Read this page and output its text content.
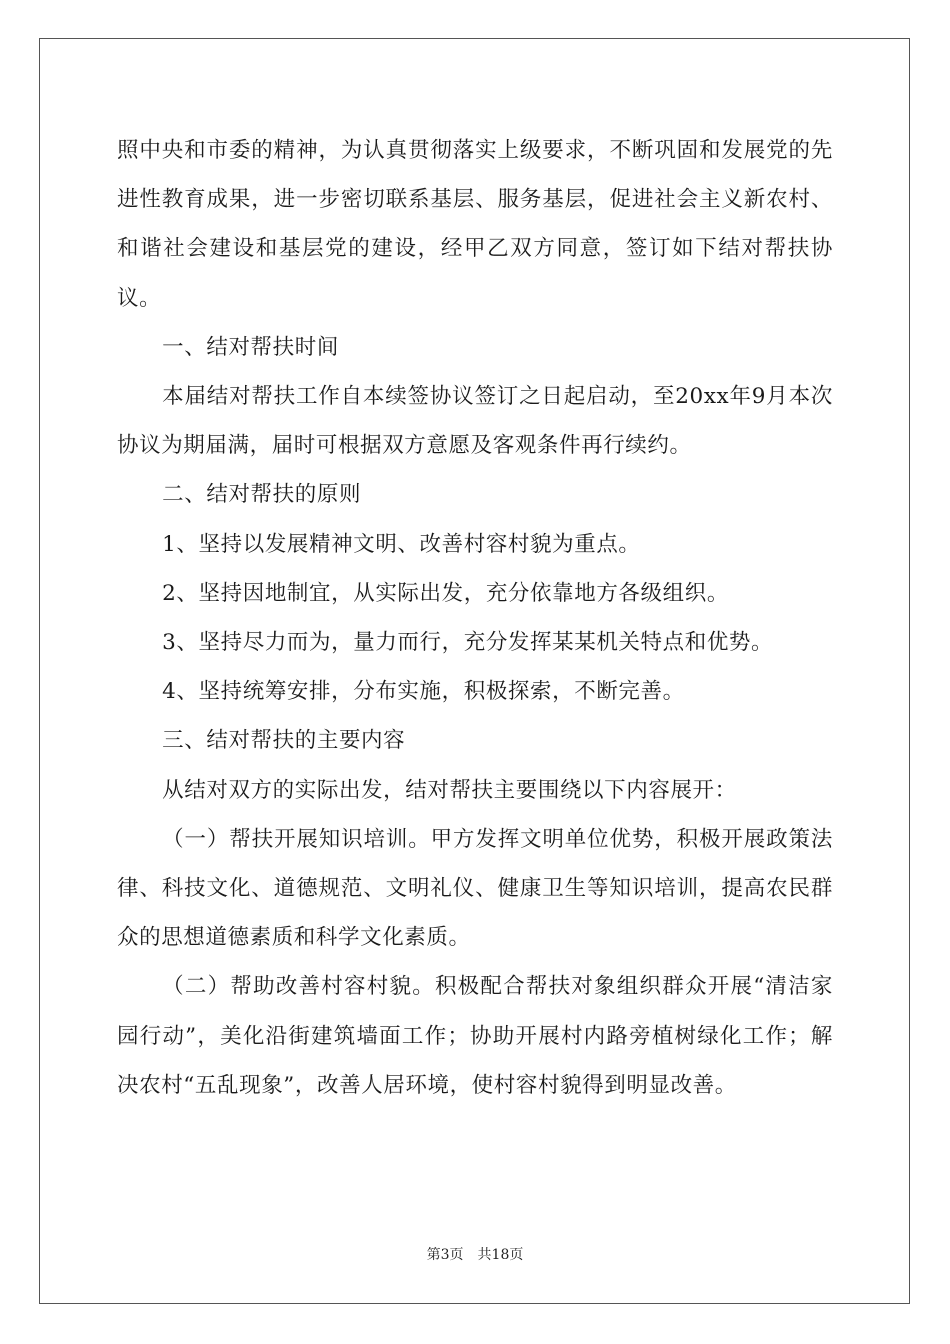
照中央和市委的精神，为认真贯彻落实上级要求，不断巩固和发展党的先进性教育成果，进一步密切联系基层、服务基层，促进社会主义新农村、和谐社会建设和基层党的建设，经甲乙双方同意，签订如下结对帮扶协议。

一、结对帮扶时间

本届结对帮扶工作自本续签协议签订之日起启动，至20xx年9月本次协议为期届满，届时可根据双方意愿及客观条件再行续约。

二、结对帮扶的原则

1、坚持以发展精神文明、改善村容村貌为重点。

2、坚持因地制宜，从实际出发，充分依靠地方各级组织。

3、坚持尽力而为，量力而行，充分发挥某某机关特点和优势。

4、坚持统筹安排，分布实施，积极探索，不断完善。

三、结对帮扶的主要内容

从结对双方的实际出发，结对帮扶主要围绕以下内容展开：

（一）帮扶开展知识培训。甲方发挥文明单位优势，积极开展政策法律、科技文化、道德规范、文明礼仪、健康卫生等知识培训，提高农民群众的思想道德素质和科学文化素质。

（二）帮助改善村容村貌。积极配合帮扶对象组织群众开展“清洁家园行动”，美化沿街建筑墙面工作；协助开展村内路旁植树绿化工作；解决农村“五乱现象”，改善人居环境，使村容村貌得到明显改善。

第3页 共18页
